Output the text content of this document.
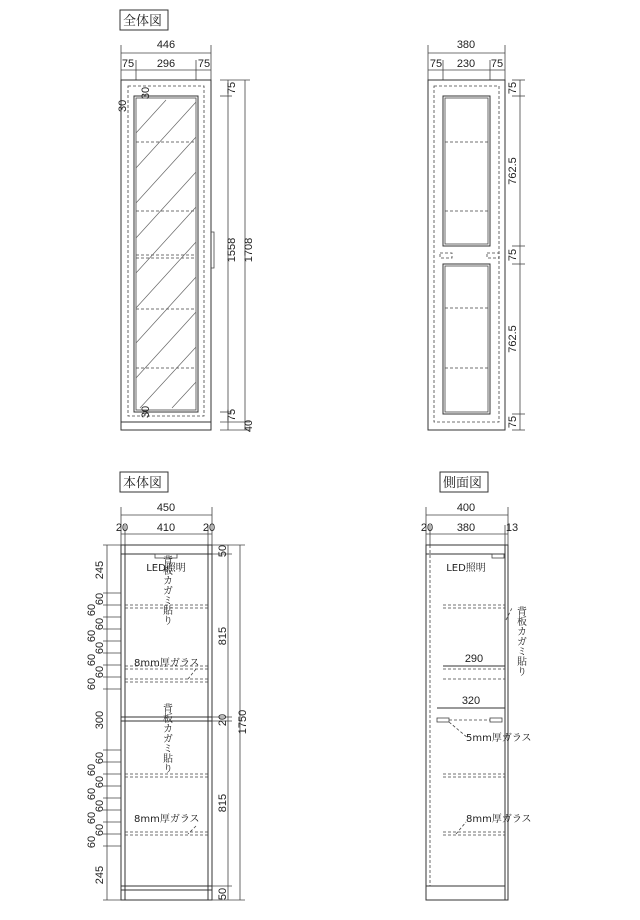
全体図
本体図	側面図
446
75 296 75
30
30
30
75
1558 1708
75
40
380
75 230 75
75
762.5
75
762.5
75
450
20	410	20
LED照明
背板カガミ貼り
背板カガミ貼り
8mm厚ガラス
8mm厚ガラス
245
60
60
60
60
60
60
60
60
300
60
60
60
60
60
60
60
60
245
50
815
20
815
50
1750
400
20 380	13
LED照明
290
320
5mm厚ガラス
8mm厚ガラス
背板カガミ貼り
